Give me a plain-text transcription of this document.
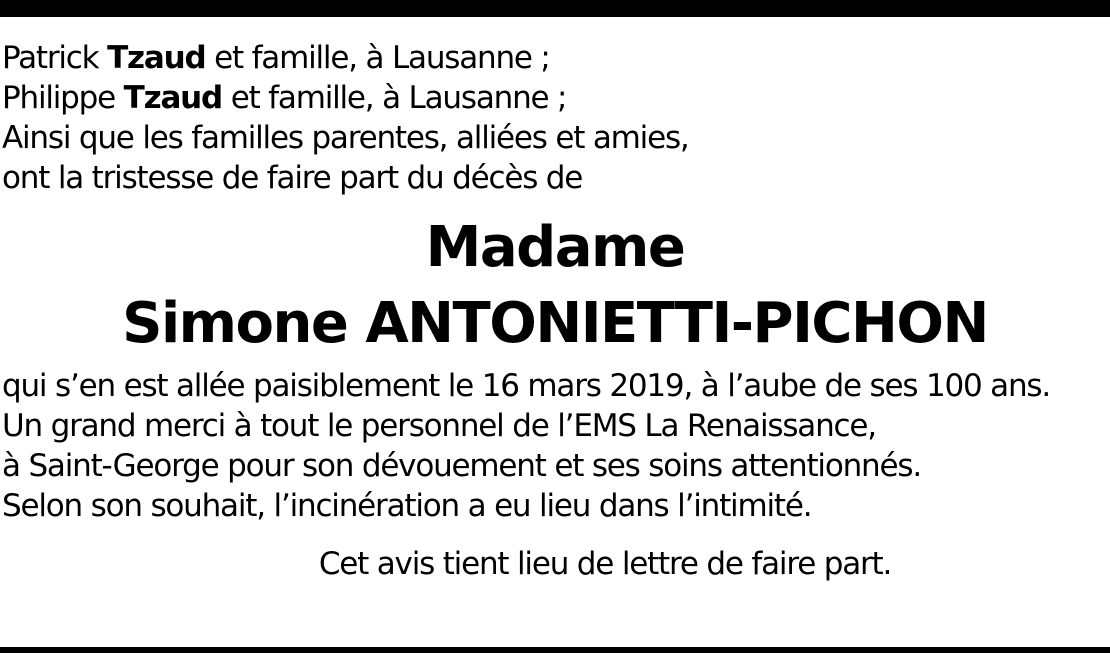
Patrick Tzaud et famille, à Lausanne ;
Philippe Tzaud et famille, à Lausanne ;
Ainsi que les familles parentes, alliées et amies,
ont la tristesse de faire part du décès de
Madame
Simone ANTONIETTI-PICHON
qui s’en est allée paisiblement le 16 mars 2019, à l’aube de ses 100 ans.
Un grand merci à tout le personnel de l’EMS La Renaissance,
à Saint-George pour son dévouement et ses soins attentionnés.
Selon son souhait, l’incinération a eu lieu dans l’intimité.
Cet avis tient lieu de lettre de faire part.
